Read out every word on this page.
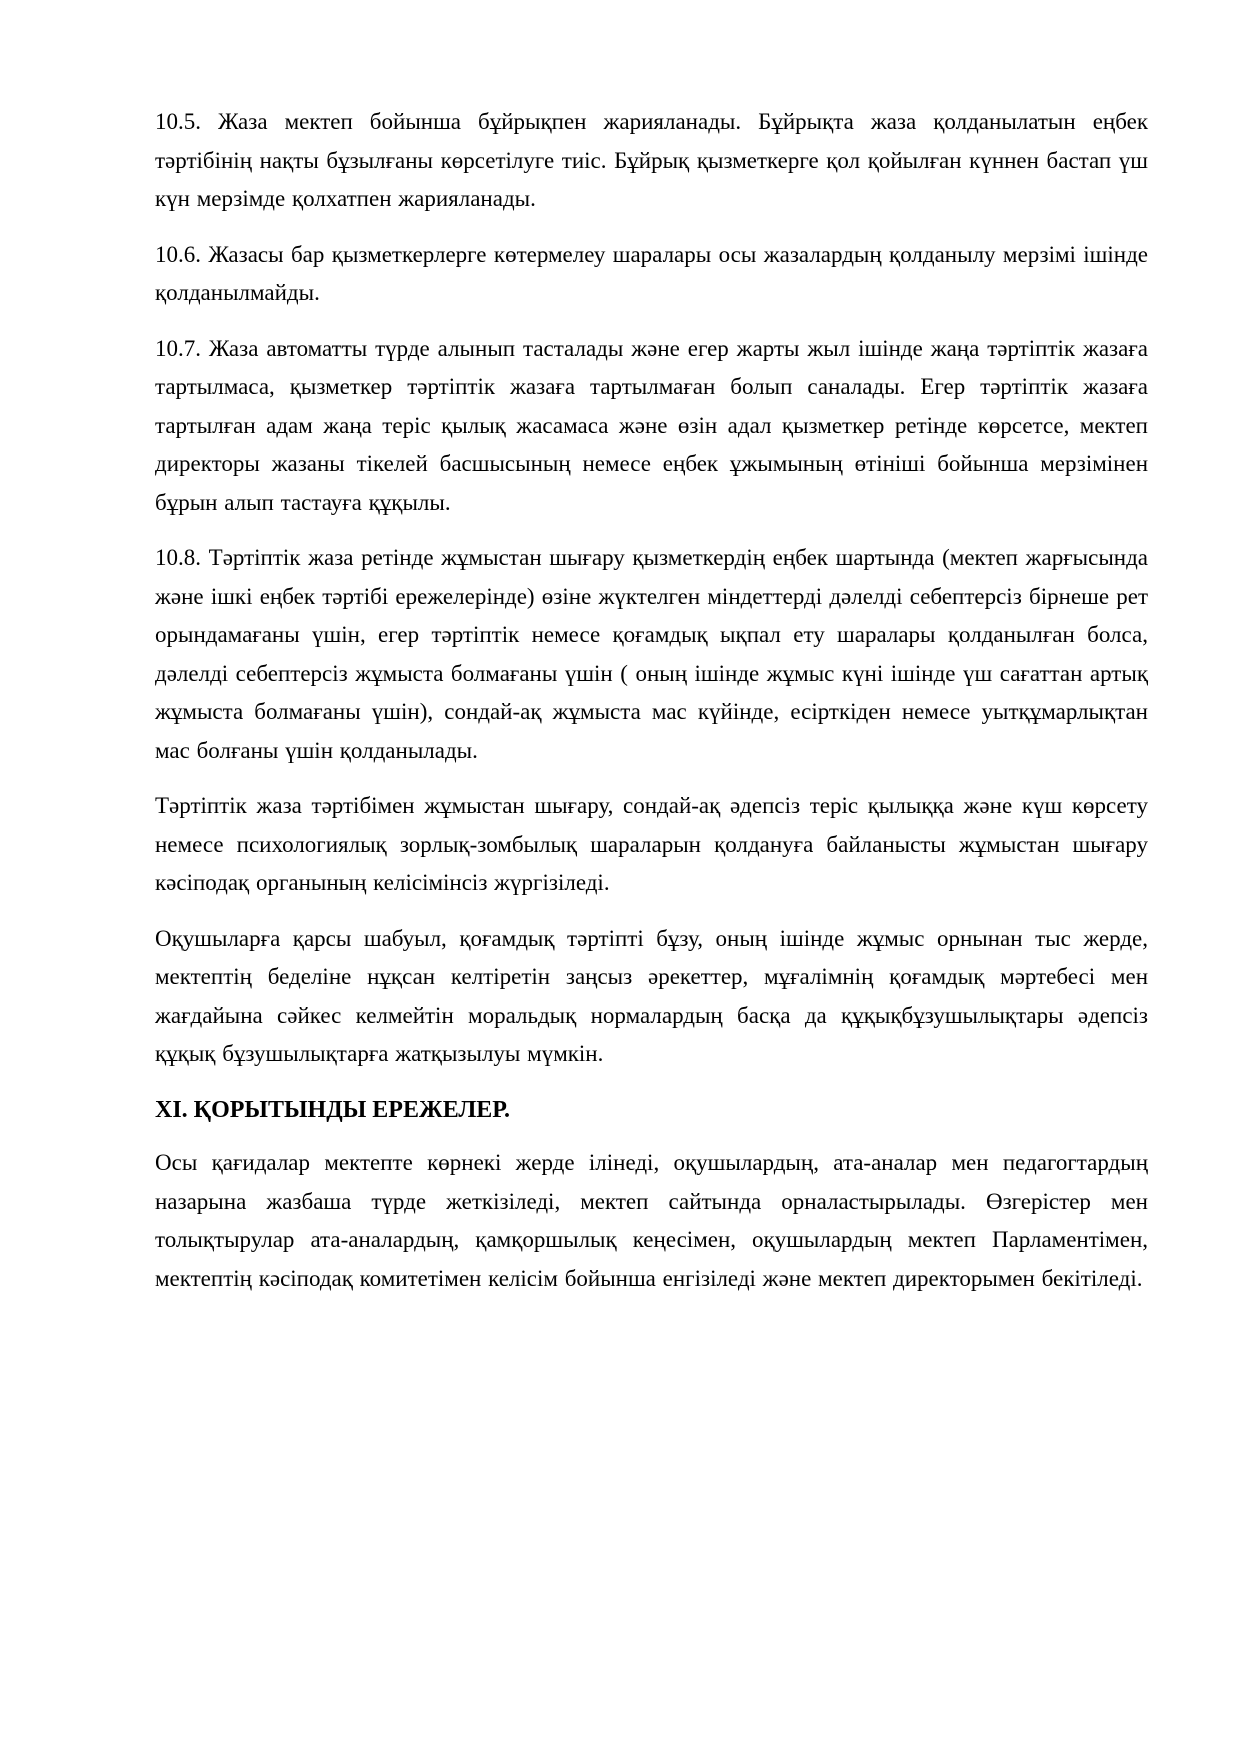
10.5. Жаза мектеп бойынша бұйрықпен жарияланады. Бұйрықта жаза қолданылатын еңбек тәртібінің нақты бұзылғаны көрсетілуге тиіс. Бұйрық қызметкерге қол қойылған күннен бастап үш күн мерзімде қолхатпен жарияланады.

10.6. Жазасы бар қызметкерлерге көтермелеу шаралары осы жазалардың қолданылу мерзімі ішінде қолданылмайды.

10.7. Жаза автоматты түрде алынып тасталады және егер жарты жыл ішінде жаңа тәртіптік жазаға тартылмаса, қызметкер тәртіптік жазаға тартылмаған болып саналады. Егер тәртіптік жазаға тартылған адам жаңа теріс қылық жасамаса және өзін адал қызметкер ретінде көрсетсе, мектеп директоры жазаны тікелей басшысының немесе еңбек ұжымының өтініші бойынша мерзімінен бұрын алып тастауға құқылы.

10.8. Тәртіптік жаза ретінде жұмыстан шығару қызметкердің еңбек шартында (мектеп жарғысында және ішкі еңбек тәртібі ережелерінде) өзіне жүктелген міндеттерді дәлелді себептерсіз бірнеше рет орындамағаны үшін, егер тәртіптік немесе қоғамдық ықпал ету шаралары қолданылған болса, дәлелді себептерсіз жұмыста болмағаны үшін ( оның ішінде жұмыс күні ішінде үш сағаттан артық жұмыста болмағаны үшін), сондай-ақ жұмыста мас күйінде, есірткіден немесе уытқұмарлықтан мас болғаны үшін қолданылады.

Тәртіптік жаза тәртібімен жұмыстан шығару, сондай-ақ әдепсіз теріс қылыққа және күш көрсету немесе психологиялық зорлық-зомбылық шараларын қолдануға байланысты жұмыстан шығару кәсіподақ органының келісімінсіз жүргізіледі.

Оқушыларға қарсы шабуыл, қоғамдық тәртіпті бұзу, оның ішінде жұмыс орнынан тыс жерде, мектептің беделіне нұқсан келтіретін заңсыз әрекеттер, мұғалімнің қоғамдық мәртебесі мен жағдайына сәйкес келмейтін моральдық нормалардың басқа да құқықбұзушылықтары әдепсіз құқық бұзушылықтарға жатқызылуы мүмкін.

XI. ҚОРЫТЫНДЫ ЕРЕЖЕЛЕР.

Осы қағидалар мектепте көрнекі жерде ілінеді, оқушылардың, ата-аналар мен педагогтардың назарына жазбаша түрде жеткізіледі, мектеп сайтында орналастырылады. Өзгерістер мен толықтырулар ата-аналардың, қамқоршылық кеңесімен, оқушылардың мектеп Парламентімен, мектептің кәсіподақ комитетімен келісім бойынша енгізіледі және мектеп директорымен бекітіледі.
